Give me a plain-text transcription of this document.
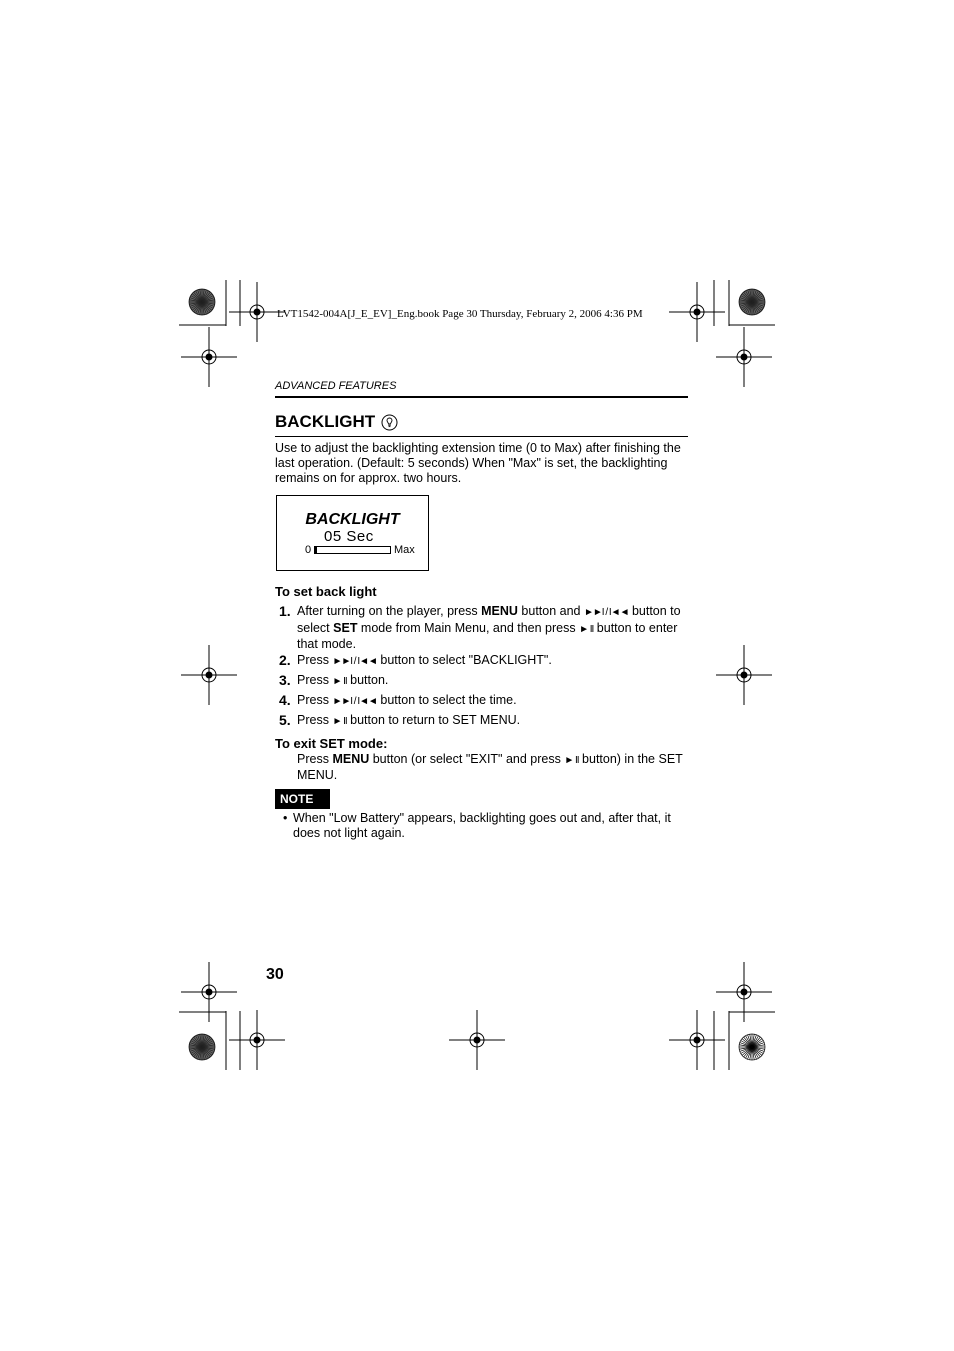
LVT1542-004A[J_E_EV]_Eng.book Page 30 Thursday, February 2, 2006 4:36 PM
ADVANCED FEATURES
BACKLIGHT
Use to adjust the backlighting extension time (0 to Max) after finishing the last operation. (Default: 5 seconds) When "Max" is set, the backlighting remains on for approx. two hours.
BACKLIGHT
05 Sec
0	Max
To set back light
1. After turning on the player, press MENU button and ►►I / I◄◄ button to select SET mode from Main Menu, and then press ► II button to enter that mode.
2. Press ►►I / I◄◄ button to select "BACKLIGHT".
3. Press ► II button.
4. Press ►►I / I◄◄ button to select the time.
5. Press ► II button to return to SET MENU.
To exit SET mode:
Press MENU button (or select "EXIT" and press ► II button) in the SET MENU.
NOTE
• When "Low Battery" appears, backlighting goes out and, after that, it does not light again.
30
